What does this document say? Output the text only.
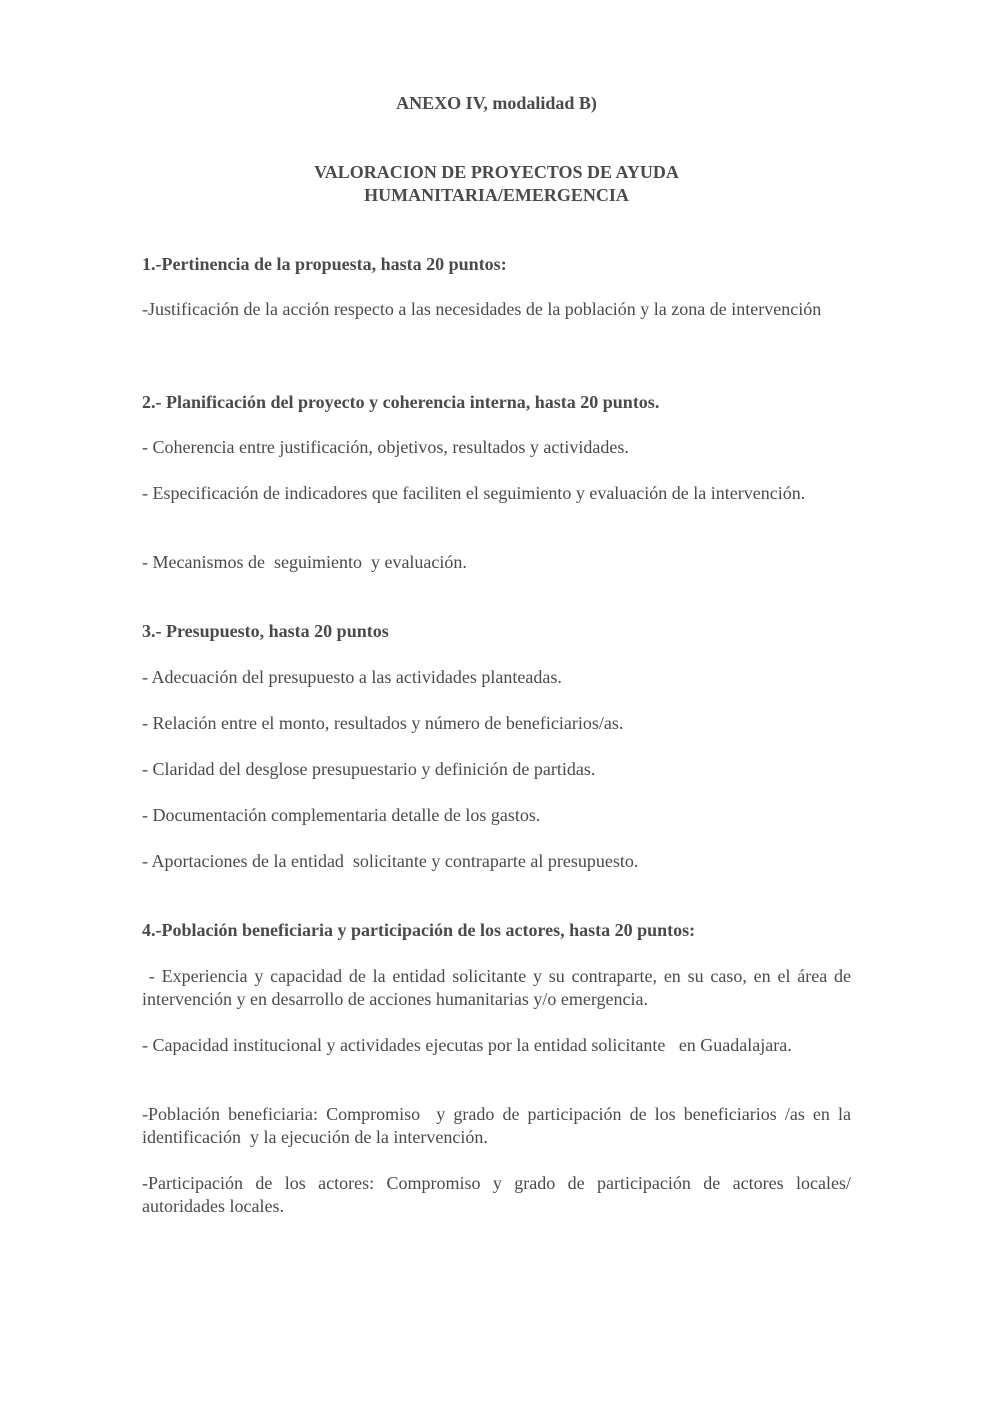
ANEXO IV, modalidad B)
VALORACION DE PROYECTOS DE AYUDA
HUMANITARIA/EMERGENCIA

1.-Pertinencia de la propuesta, hasta 20 puntos:

-Justificación de la acción respecto a las necesidades de la población y la zona de intervención

2.- Planificación del proyecto y coherencia interna, hasta 20 puntos.

- Coherencia entre justificación, objetivos, resultados y actividades.

- Especificación de indicadores que faciliten el seguimiento y evaluación de la intervención.

- Mecanismos de  seguimiento  y evaluación.

3.- Presupuesto, hasta 20 puntos

- Adecuación del presupuesto a las actividades planteadas.

- Relación entre el monto, resultados y número de beneficiarios/as.

- Claridad del desglose presupuestario y definición de partidas.

- Documentación complementaria detalle de los gastos.

- Aportaciones de la entidad  solicitante y contraparte al presupuesto.

4.-Población beneficiaria y participación de los actores, hasta 20 puntos:

- Experiencia y capacidad de la entidad solicitante y su contraparte, en su caso, en el área de intervención y en desarrollo de acciones humanitarias y/o emergencia.

- Capacidad institucional y actividades ejecutas por la entidad solicitante   en Guadalajara.

-Población beneficiaria: Compromiso  y grado de participación de los beneficiarios /as en la identificación  y la ejecución de la intervención.

-Participación de los actores: Compromiso y grado de participación de actores locales/ autoridades locales.
